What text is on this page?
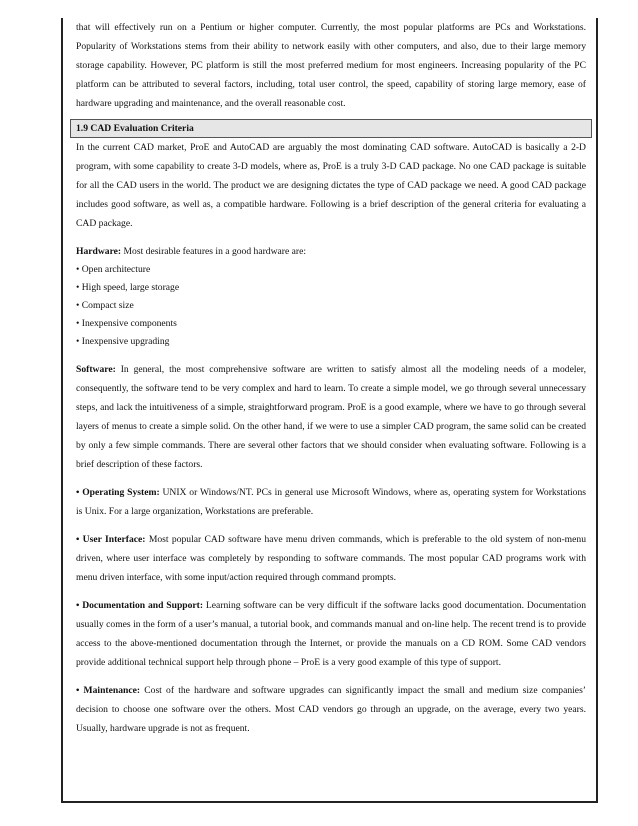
that will effectively run on a Pentium or higher computer. Currently, the most popular platforms are PCs and Workstations. Popularity of Workstations stems from their ability to network easily with other computers, and also, due to their large memory storage capability. However, PC platform is still the most preferred medium for most engineers. Increasing popularity of the PC platform can be attributed to several factors, including, total user control, the speed, capability of storing large memory, ease of hardware upgrading and maintenance, and the overall reasonable cost.

1.9 CAD Evaluation Criteria

In the current CAD market, ProE and AutoCAD are arguably the most dominating CAD software. AutoCAD is basically a 2-D program, with some capability to create 3-D models, where as, ProE is a truly 3-D CAD package. No one CAD package is suitable for all the CAD users in the world. The product we are designing dictates the type of CAD package we need. A good CAD package includes good software, as well as, a compatible hardware. Following is a brief description of the general criteria for evaluating a CAD package.

Hardware: Most desirable features in a good hardware are:

• Open architecture

• High speed, large storage

• Compact size

• Inexpensive components

• Inexpensive upgrading

Software: In general, the most comprehensive software are written to satisfy almost all the modeling needs of a modeler, consequently, the software tend to be very complex and hard to learn. To create a simple model, we go through several unnecessary steps, and lack the intuitiveness of a simple, straightforward program. ProE is a good example, where we have to go through several layers of menus to create a simple solid. On the other hand, if we were to use a simpler CAD program, the same solid can be created by only a few simple commands. There are several other factors that we should consider when evaluating software. Following is a brief description of these factors.

• Operating System: UNIX or Windows/NT. PCs in general use Microsoft Windows, where as, operating system for Workstations is Unix. For a large organization, Workstations are preferable.

• User Interface: Most popular CAD software have menu driven commands, which is preferable to the old system of non-menu driven, where user interface was completely by responding to software commands. The most popular CAD programs work with menu driven interface, with some input/action required through command prompts.

• Documentation and Support: Learning software can be very difficult if the software lacks good documentation. Documentation usually comes in the form of a user’s manual, a tutorial book, and commands manual and on-line help. The recent trend is to provide access to the above-mentioned documentation through the Internet, or provide the manuals on a CD ROM. Some CAD vendors provide additional technical support help through phone – ProE is a very good example of this type of support.

• Maintenance: Cost of the hardware and software upgrades can significantly impact the small and medium size companies’ decision to choose one software over the others. Most CAD vendors go through an upgrade, on the average, every two years. Usually, hardware upgrade is not as frequent.
